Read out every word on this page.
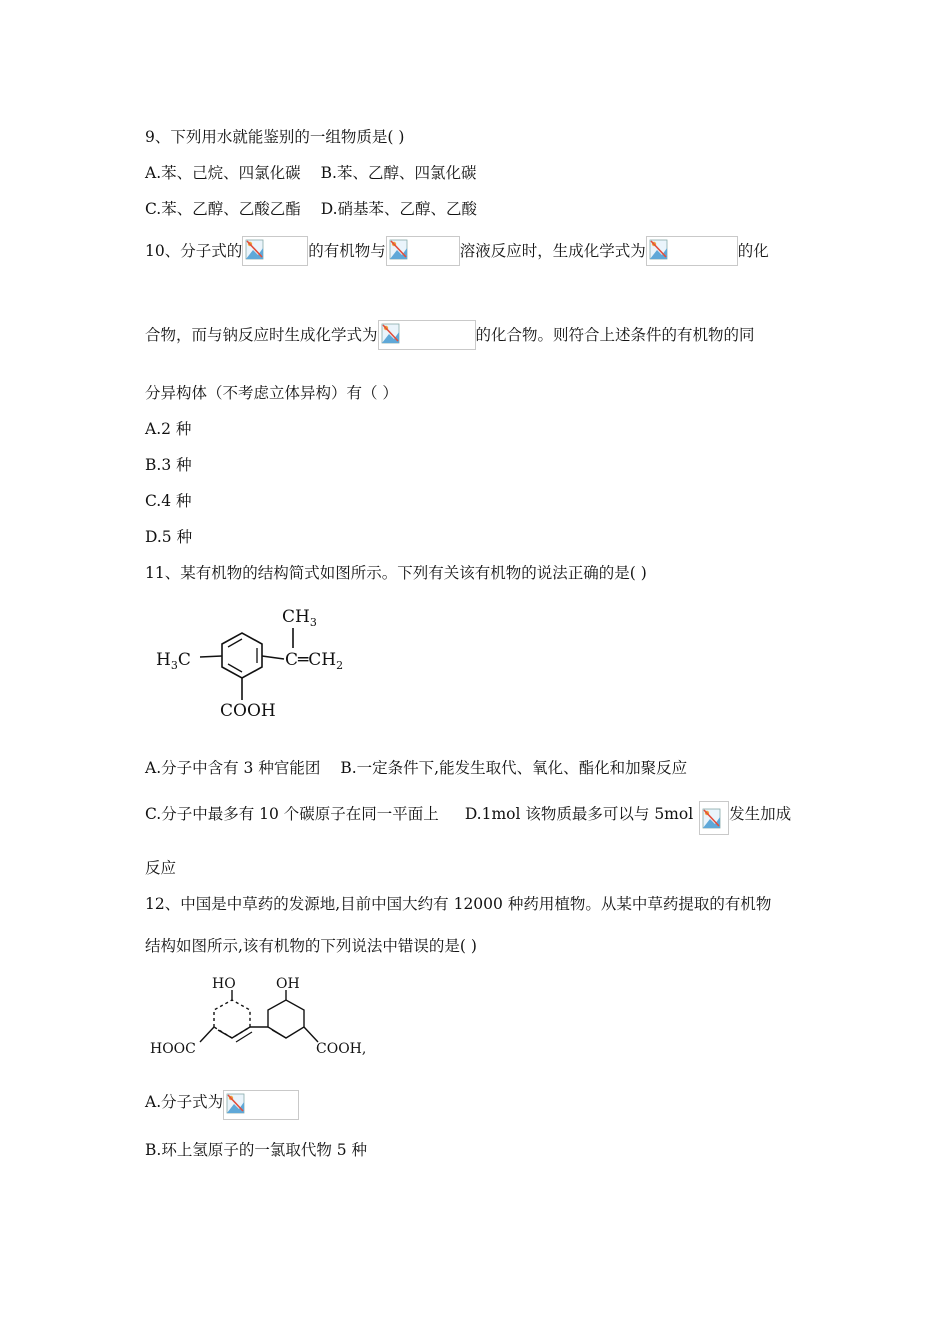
9、下列用水就能鉴别的一组物质是( )
A.苯、己烷、四氯化碳 B.苯、乙醇、四氯化碳
C.苯、乙醇、乙酸乙酯 D.硝基苯、乙醇、乙酸
10、分子式的	的有机物与	溶液反应时，生成化学式为	的化
合物，而与钠反应时生成化学式为	的化合物。则符合上述条件的有机物的同
分异构体（不考虑立体异构）有（ ）
A.2 种
B.3 种
C.4 种
D.5 种
11、某有机物的结构简式如图所示。下列有关该有机物的说法正确的是( )
$CH_3$
$H_3C$	$C═CH_2$
COOH
A.分子中含有 3 种官能团 B.一定条件下,能发生取代、氧化、酯化和加聚反应
C.分子中最多有 10 个碳原子在同一平面上 D.1mol 该物质最多可以与 5mol 发生加成
反应
12、中国是中草药的发源地,目前中国大约有 12000 种药用植物。从某中草药提取的有机物
结构如图所示,该有机物的下列说法中错误的是( )
HO	OH
HOOC	COOH,
A.分子式为
B.环上氢原子的一氯取代物 5 种
